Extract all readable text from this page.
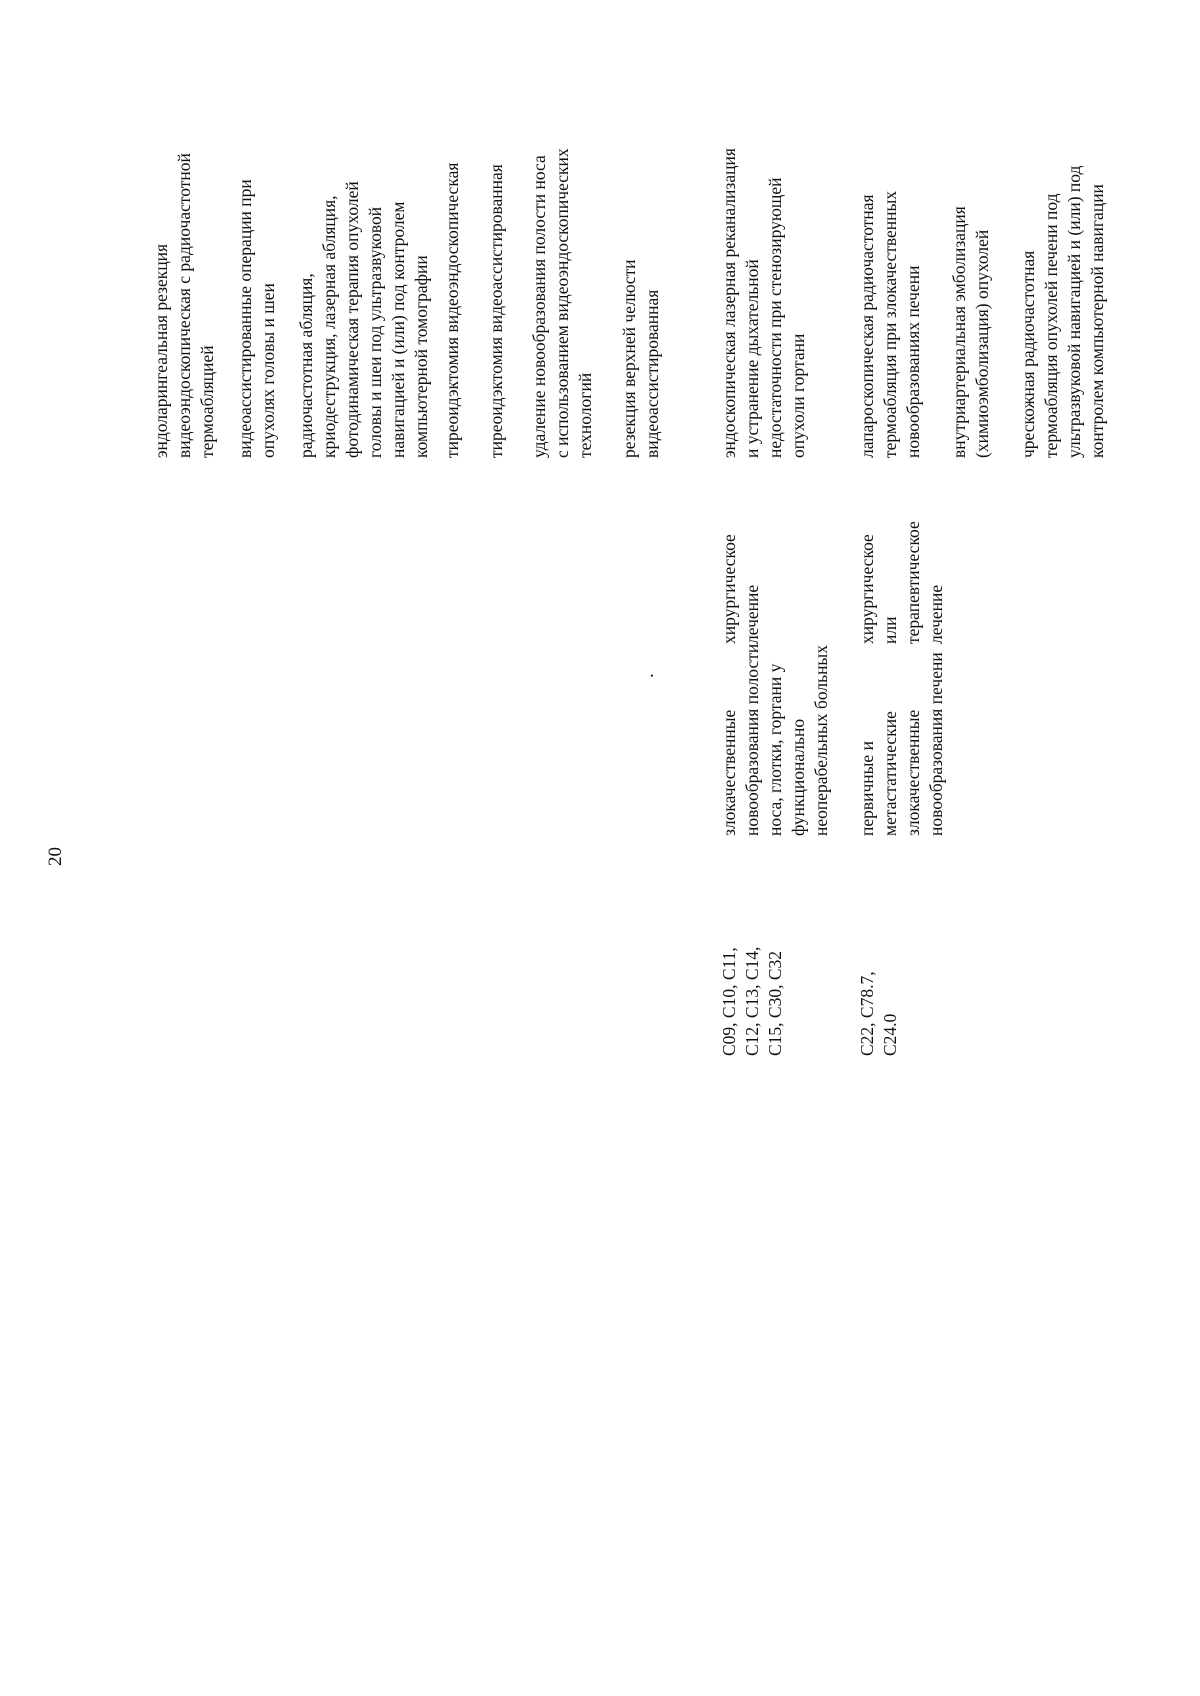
20
эндоларингеальная резекция
видеоэндоскопическая с радиочастотной
термоабляцией видеоассистированные операции при
опухолях головы и шеи
радиочастотная абляция,
криодеструкция, лазерная абляция,
фотодинамическая терапия опухолей
головы и шеи под ультразвуковой
навигацией и (или) под контролем
компьютерной томографии тиреоидэктомия видеоэндоскопическая тиреоидэктомия видеоассистированная удаление новообразования полости носа
с использованием видеоэндоскопических
технологий резекция верхней челюсти
видеоассистированная
.
C09, C10, C11,
C12, C13, C14,
C15, C30, C32
злокачественные
новообразования полости
носа, глотки, гортани у
функционально
неоперабельных больных
хирургическое
лечение
эндоскопическая лазерная реканализация
и устранение дыхательной
недостаточности при стенозирующей
опухоли гортани
C22, C78.7,
C24.0
первичные и
метастатические
злокачественные
новообразования печени
хирургическое
или
терапевтическое
лечение
лапароскопическая радиочастотная
термоабляция при злокачественных
новообразованиях печени
внутриартериальная эмболизация
(химиоэмболизация) опухолей
чрескожная радиочастотная
термоабляция опухолей печени под
ультразвуковой навигацией и (или) под
контролем компьютерной навигации
